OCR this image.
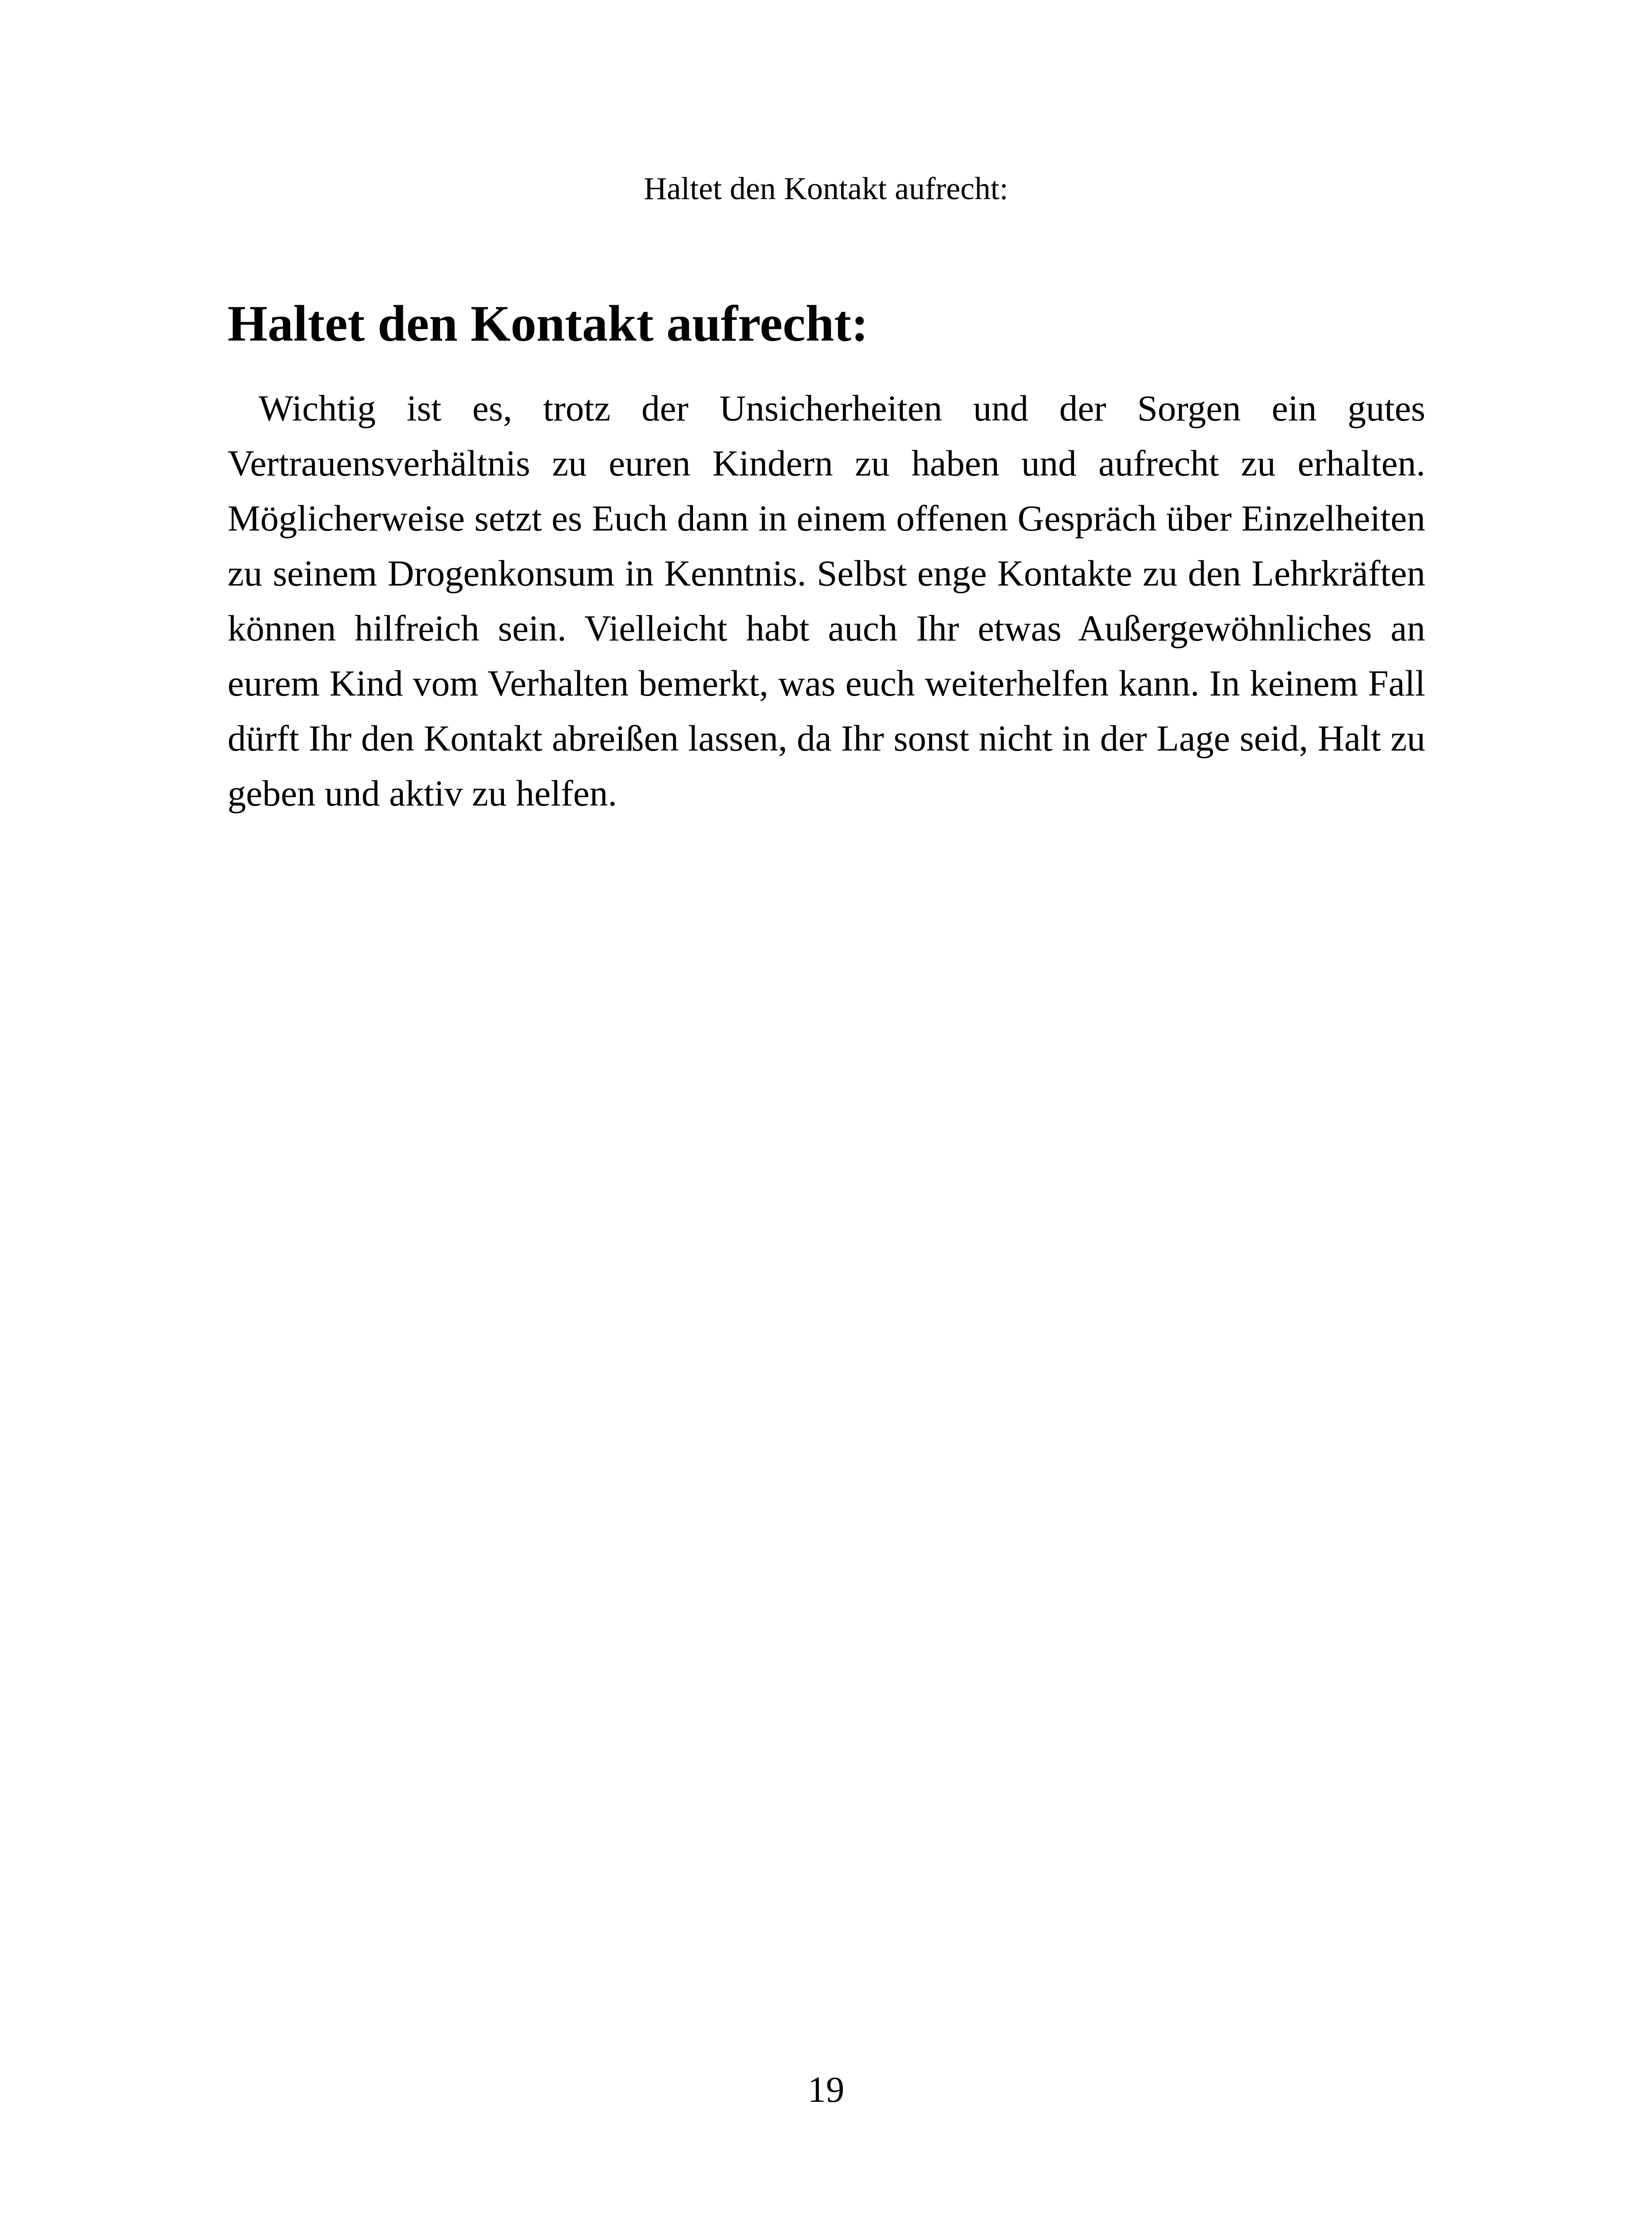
Haltet den Kontakt aufrecht:
Haltet den Kontakt aufrecht:

Wichtig ist es, trotz der Unsicherheiten und der Sorgen ein gutes Vertrauensverhältnis zu euren Kindern zu haben und aufrecht zu erhalten. Möglicherweise setzt es Euch dann in einem offenen Gespräch über Einzelheiten zu seinem Drogenkonsum in Kenntnis. Selbst enge Kontakte zu den Lehrkräften können hilfreich sein. Vielleicht habt auch Ihr etwas Außergewöhnliches an eurem Kind vom Verhalten bemerkt, was euch weiterhelfen kann. In keinem Fall dürft Ihr den Kontakt abreißen lassen, da Ihr sonst nicht in der Lage seid, Halt zu geben und aktiv zu helfen.

19
